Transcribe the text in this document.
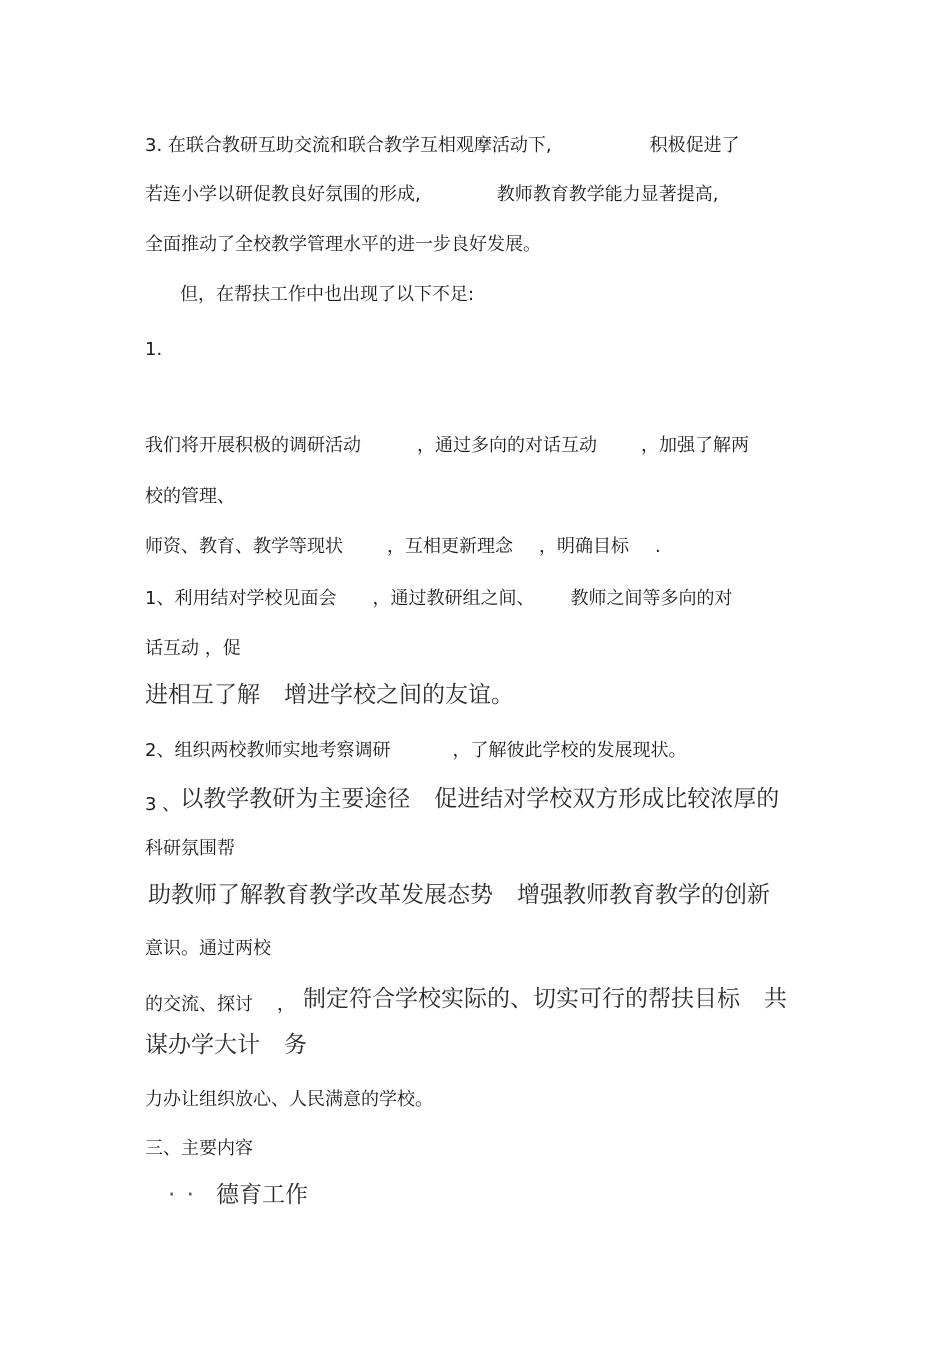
3. 在联合教研互助交流和联合教学互相观摩活动下,	积极促进了
若连小学以研促教良好氛围的形成,	教师教育教学能力显著提高,
全面推动了全校教学管理水平的进一步良好发展。
但，在帮扶工作中也出现了以下不足:
1.
我们将开展积极的调研活动	，通过多向的对话互动 ，加强了解两
校的管理、
师资、教育、教学等现状 ，互相更新理念 ，明确目标 .
1、利用结对学校见面会 ，通过教研组之间、 教师之间等多向的对
话互动 ，促
进相互了解 增进学校之间的友谊。
2、组织两校教师实地考察调研	，了解彼此学校的发展现状。
3 、以教学教研为主要途径 促进结对学校双方形成比较浓厚的
科研氛围帮
助教师了解教育教学改革发展态势 增强教师教育教学的创新
意识。通过两校
的交流、探讨 ， 制定符合学校实际的、切实可行的帮扶目标 共
谋办学大计 务
力办让组织放心、人民满意的学校。
三、主要内容
· · 德育工作
